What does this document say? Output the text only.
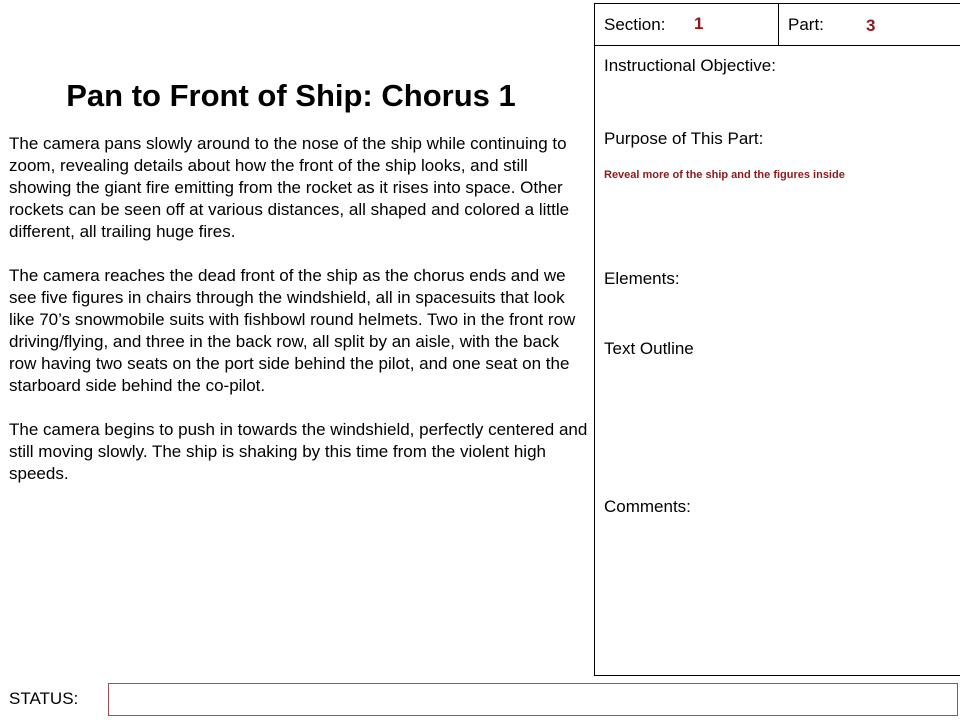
Pan to Front of Ship: Chorus 1

The camera pans slowly around to the nose of the ship while continuing to zoom, revealing details about how the front of the ship looks, and still showing the giant fire emitting from the rocket as it rises into space. Other rockets can be seen off at various distances, all shaped and colored a little different, all trailing huge fires.

The camera reaches the dead front of the ship as the chorus ends and we see five figures in chairs through the windshield, all in spacesuits that look like 70’s snowmobile suits with fishbowl round helmets. Two in the front row driving/flying, and three in the back row, all split by an aisle, with the back row having two seats on the port side behind the pilot, and one seat on the starboard side behind the co-pilot.

The camera begins to push in towards the windshield, perfectly centered and still moving slowly. The ship is shaking by this time from the violent high speeds.

Section: 1	Part: 3
Instructional Objective:
Purpose of This Part:
Reveal more of the ship and the figures inside
Elements:
Text Outline
Comments:
STATUS:
